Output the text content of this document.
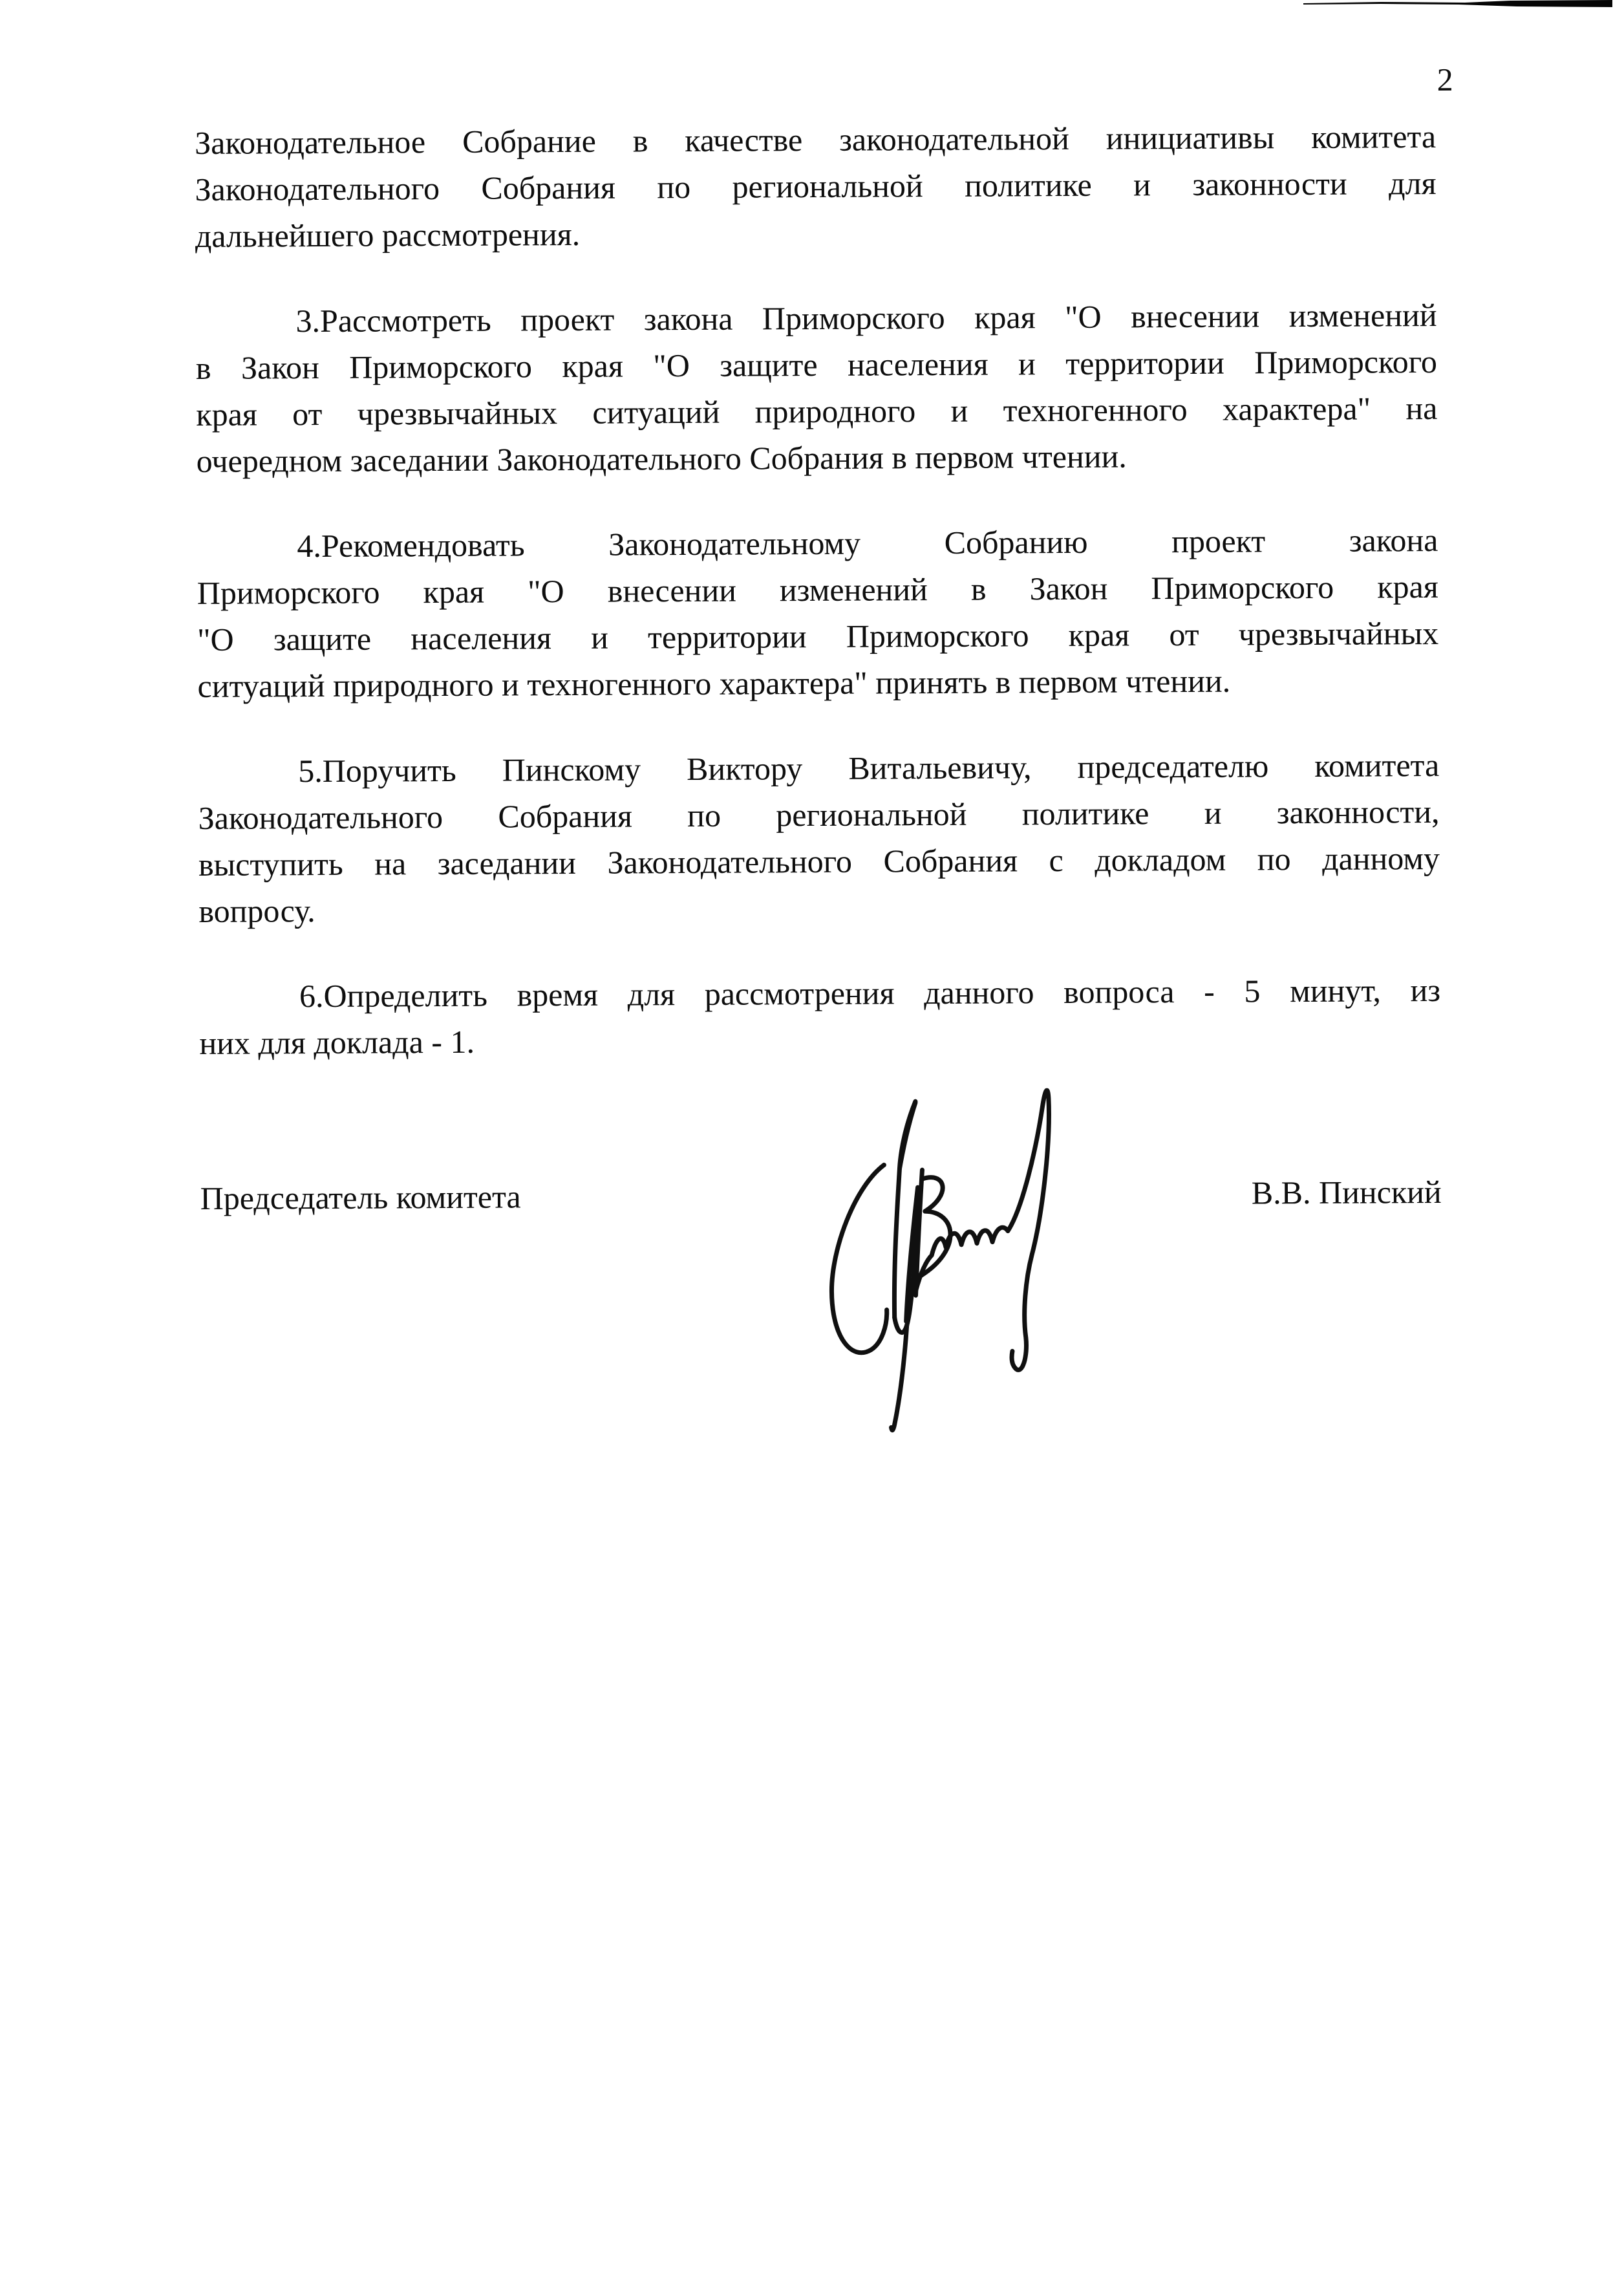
2
Законодательное Собрание в качестве законодательной инициативы комитета
Законодательного Собрания по региональной политике и законности для
дальнейшего рассмотрения.
3.Рассмотреть проект закона Приморского края "О внесении изменений
в Закон Приморского края "О защите населения и территории Приморского
края от чрезвычайных ситуаций природного и техногенного характера" на
очередном заседании Законодательного Собрания в первом чтении.
4.Рекомендовать Законодательному Собранию проект закона
Приморского края "О внесении изменений в Закон Приморского края
"О защите населения и территории Приморского края от чрезвычайных
ситуаций природного и техногенного характера" принять в первом чтении.
5.Поручить Пинскому Виктору Витальевичу, председателю комитета
Законодательного Собрания по региональной политике и законности,
выступить на заседании Законодательного Собрания с докладом по данному
вопросу.
6.Определить время для рассмотрения данного вопроса - 5 минут, из
них для доклада - 1.
Председатель комитета	В.В. Пинский
